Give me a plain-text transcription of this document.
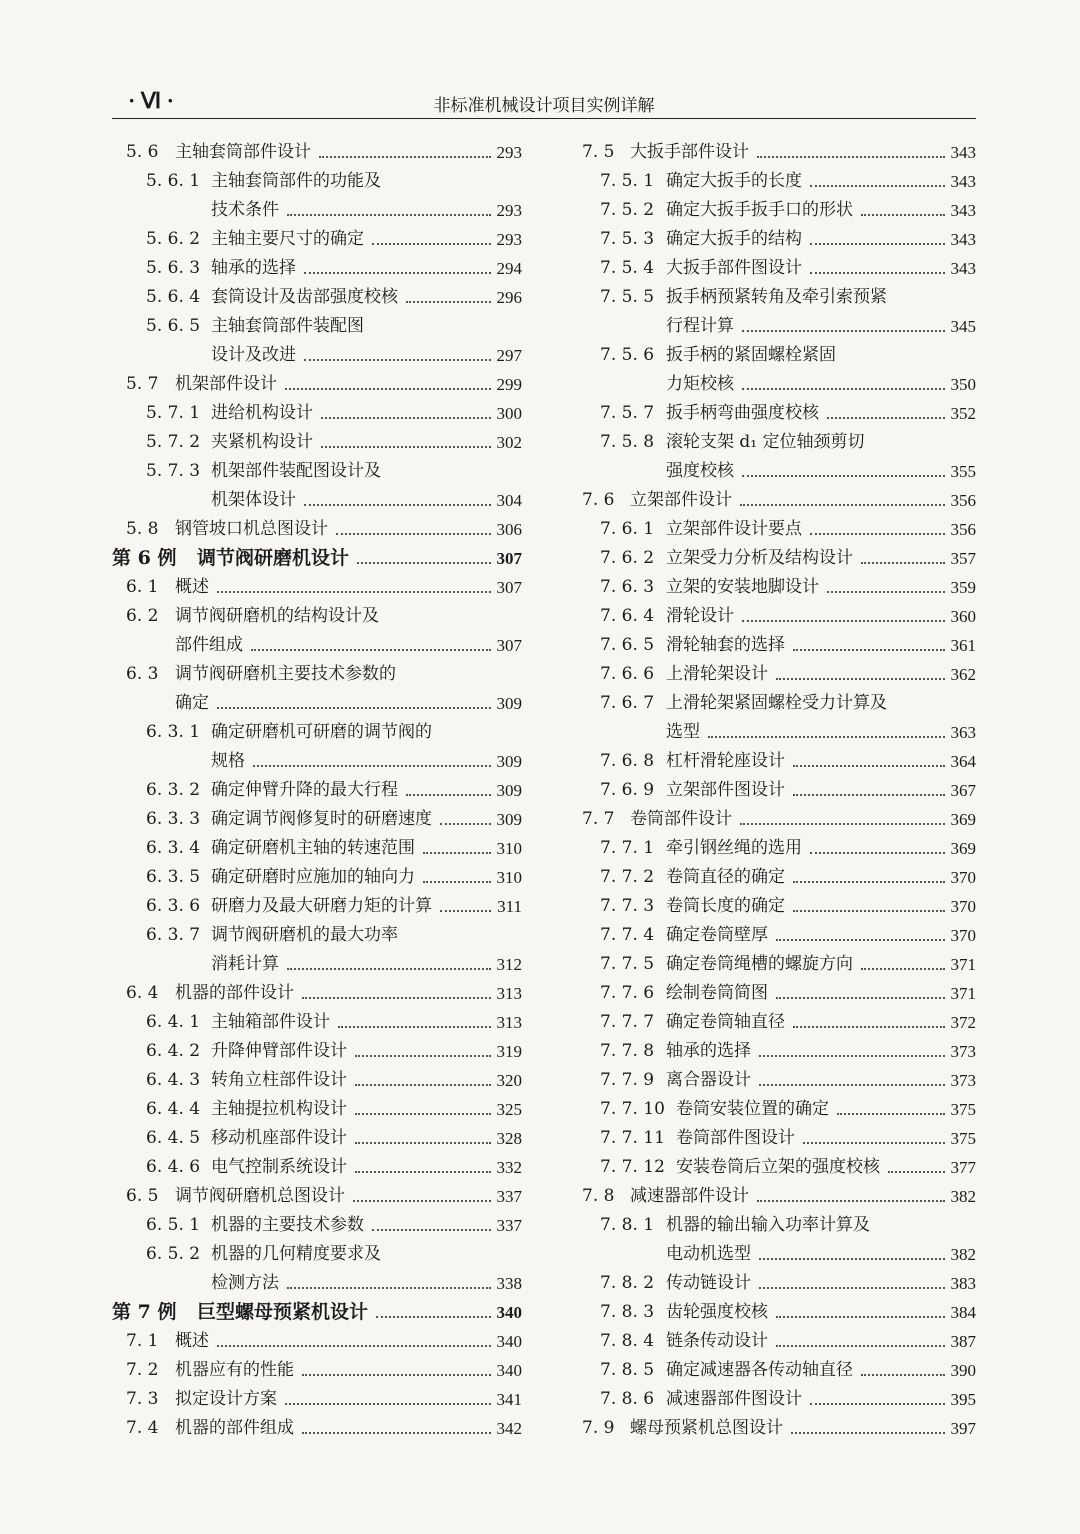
· Ⅵ ·	非标准机械设计项目实例详解
5. 6 主轴套筒部件设计	293
5. 6. 1 主轴套筒部件的功能及
技术条件	293
5. 6. 2 主轴主要尺寸的确定	293
5. 6. 3 轴承的选择	294
5. 6. 4 套筒设计及齿部强度校核	296
5. 6. 5 主轴套筒部件装配图
设计及改进	297
5. 7 机架部件设计	299
5. 7. 1 进给机构设计	300
5. 7. 2 夹紧机构设计	302
5. 7. 3 机架部件装配图设计及
机架体设计	304
5. 8 钢管坡口机总图设计	306
第 6 例 调节阀研磨机设计	307
6. 1 概述	307
6. 2 调节阀研磨机的结构设计及
部件组成	307
6. 3 调节阀研磨机主要技术参数的
确定	309
6. 3. 1 确定研磨机可研磨的调节阀的
规格	309
6. 3. 2 确定伸臂升降的最大行程	309
6. 3. 3 确定调节阀修复时的研磨速度	309
6. 3. 4 确定研磨机主轴的转速范围	310
6. 3. 5 确定研磨时应施加的轴向力	310
6. 3. 6 研磨力及最大研磨力矩的计算	311
6. 3. 7 调节阀研磨机的最大功率
消耗计算	312
6. 4 机器的部件设计	313
6. 4. 1 主轴箱部件设计	313
6. 4. 2 升降伸臂部件设计	319
6. 4. 3 转角立柱部件设计	320
6. 4. 4 主轴提拉机构设计	325
6. 4. 5 移动机座部件设计	328
6. 4. 6 电气控制系统设计	332
6. 5 调节阀研磨机总图设计	337
6. 5. 1 机器的主要技术参数	337
6. 5. 2 机器的几何精度要求及
检测方法	338
第 7 例 巨型螺母预紧机设计	340
7. 1 概述	340
7. 2 机器应有的性能	340
7. 3 拟定设计方案	341
7. 4 机器的部件组成	342
7. 5 大扳手部件设计	343
7. 5. 1 确定大扳手的长度	343
7. 5. 2 确定大扳手扳手口的形状	343
7. 5. 3 确定大扳手的结构	343
7. 5. 4 大扳手部件图设计	343
7. 5. 5 扳手柄预紧转角及牵引索预紧
行程计算	345
7. 5. 6 扳手柄的紧固螺栓紧固
力矩校核	350
7. 5. 7 扳手柄弯曲强度校核	352
7. 5. 8 滚轮支架 d₁ 定位轴颈剪切
强度校核	355
7. 6 立架部件设计	356
7. 6. 1 立架部件设计要点	356
7. 6. 2 立架受力分析及结构设计	357
7. 6. 3 立架的安装地脚设计	359
7. 6. 4 滑轮设计	360
7. 6. 5 滑轮轴套的选择	361
7. 6. 6 上滑轮架设计	362
7. 6. 7 上滑轮架紧固螺栓受力计算及
选型	363
7. 6. 8 杠杆滑轮座设计	364
7. 6. 9 立架部件图设计	367
7. 7 卷筒部件设计	369
7. 7. 1 牵引钢丝绳的选用	369
7. 7. 2 卷筒直径的确定	370
7. 7. 3 卷筒长度的确定	370
7. 7. 4 确定卷筒壁厚	370
7. 7. 5 确定卷筒绳槽的螺旋方向	371
7. 7. 6 绘制卷筒简图	371
7. 7. 7 确定卷筒轴直径	372
7. 7. 8 轴承的选择	373
7. 7. 9 离合器设计	373
7. 7. 10 卷筒安装位置的确定	375
7. 7. 11 卷筒部件图设计	375
7. 7. 12 安装卷筒后立架的强度校核	377
7. 8 减速器部件设计	382
7. 8. 1 机器的输出输入功率计算及
电动机选型	382
7. 8. 2 传动链设计	383
7. 8. 3 齿轮强度校核	384
7. 8. 4 链条传动设计	387
7. 8. 5 确定减速器各传动轴直径	390
7. 8. 6 减速器部件图设计	395
7. 9 螺母预紧机总图设计	397
